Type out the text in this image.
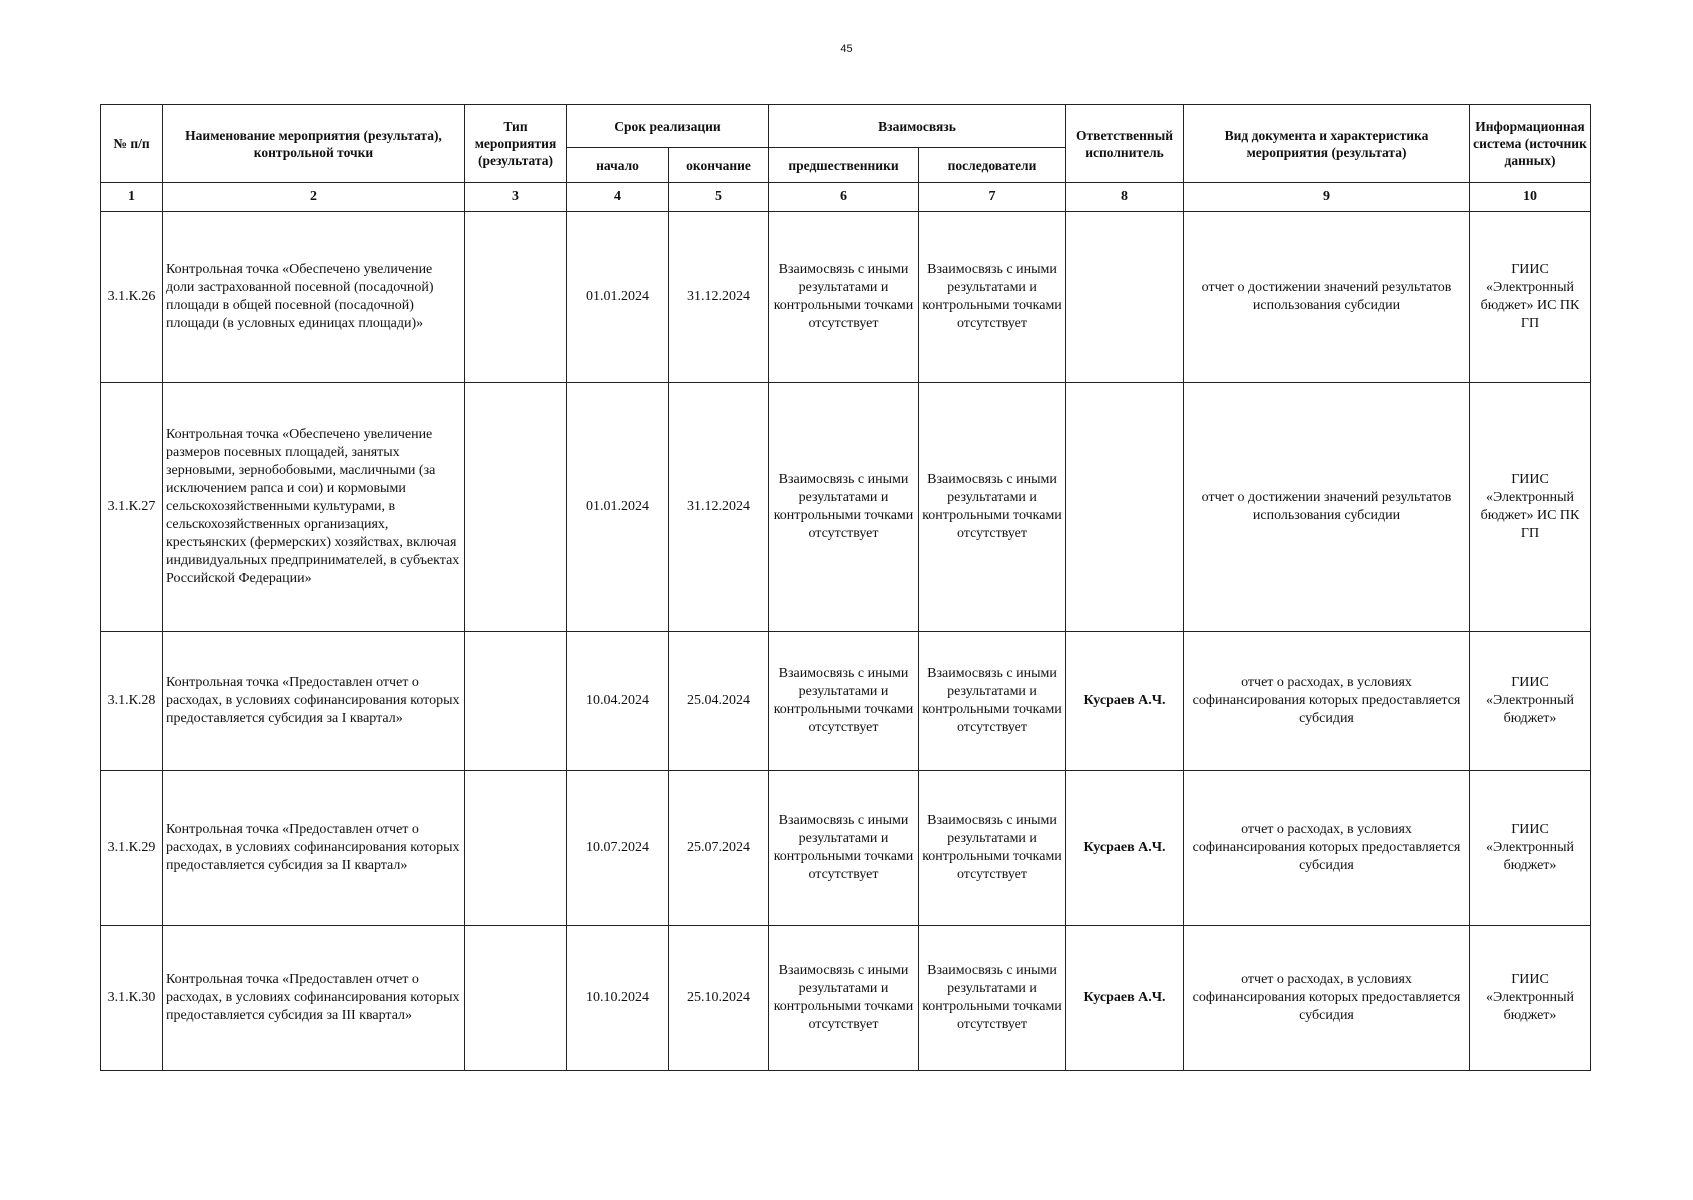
45
№ п/п	Наименование мероприятия (результата), контрольной точки	Тип мероприятия (результата)	Срок реализации		Взаимосвязь		Ответственный исполнитель	Вид документа и характеристика мероприятия (результата)	Информационная система (источник данных)
			начало	окончание	предшественники	последователи			
1	2	3	4	5	6	7	8	9	10
3.1.К.26	Контрольная точка «Обеспечено увеличение доли застрахованной посевной (посадочной) площади в общей посевной (посадочной) площади (в условных единицах площади)»		01.01.2024	31.12.2024	Взаимосвязь с иными результатами и контрольными точками отсутствует	Взаимосвязь с иными результатами и контрольными точками отсутствует		отчет о достижении значений результатов использования субсидии	ГИИС «Электронный бюджет» ИС ПК ГП
3.1.К.27	Контрольная точка «Обеспечено увеличение размеров посевных площадей, занятых зерновыми, зернобобовыми, масличными (за исключением рапса и сои) и кормовыми сельскохозяйственными культурами, в сельскохозяйственных организациях, крестьянских (фермерских) хозяйствах, включая индивидуальных предпринимателей, в субъектах Российской Федерации»		01.01.2024	31.12.2024	Взаимосвязь с иными результатами и контрольными точками отсутствует	Взаимосвязь с иными результатами и контрольными точками отсутствует		отчет о достижении значений результатов использования субсидии	ГИИС «Электронный бюджет» ИС ПК ГП
3.1.К.28	Контрольная точка «Предоставлен отчет о расходах, в условиях софинансирования которых предоставляется субсидия за I квартал»		10.04.2024	25.04.2024	Взаимосвязь с иными результатами и контрольными точками отсутствует	Взаимосвязь с иными результатами и контрольными точками отсутствует	Кусраев А.Ч.	отчет о расходах, в условиях софинансирования которых предоставляется субсидия	ГИИС «Электронный бюджет»
3.1.К.29	Контрольная точка «Предоставлен отчет о расходах, в условиях софинансирования которых предоставляется субсидия за II квартал»		10.07.2024	25.07.2024	Взаимосвязь с иными результатами и контрольными точками отсутствует	Взаимосвязь с иными результатами и контрольными точками отсутствует	Кусраев А.Ч.	отчет о расходах, в условиях софинансирования которых предоставляется субсидия	ГИИС «Электронный бюджет»
3.1.К.30	Контрольная точка «Предоставлен отчет о расходах, в условиях софинансирования которых предоставляется субсидия за III квартал»		10.10.2024	25.10.2024	Взаимосвязь с иными результатами и контрольными точками отсутствует	Взаимосвязь с иными результатами и контрольными точками отсутствует	Кусраев А.Ч.	отчет о расходах, в условиях софинансирования которых предоставляется субсидия	ГИИС «Электронный бюджет»
